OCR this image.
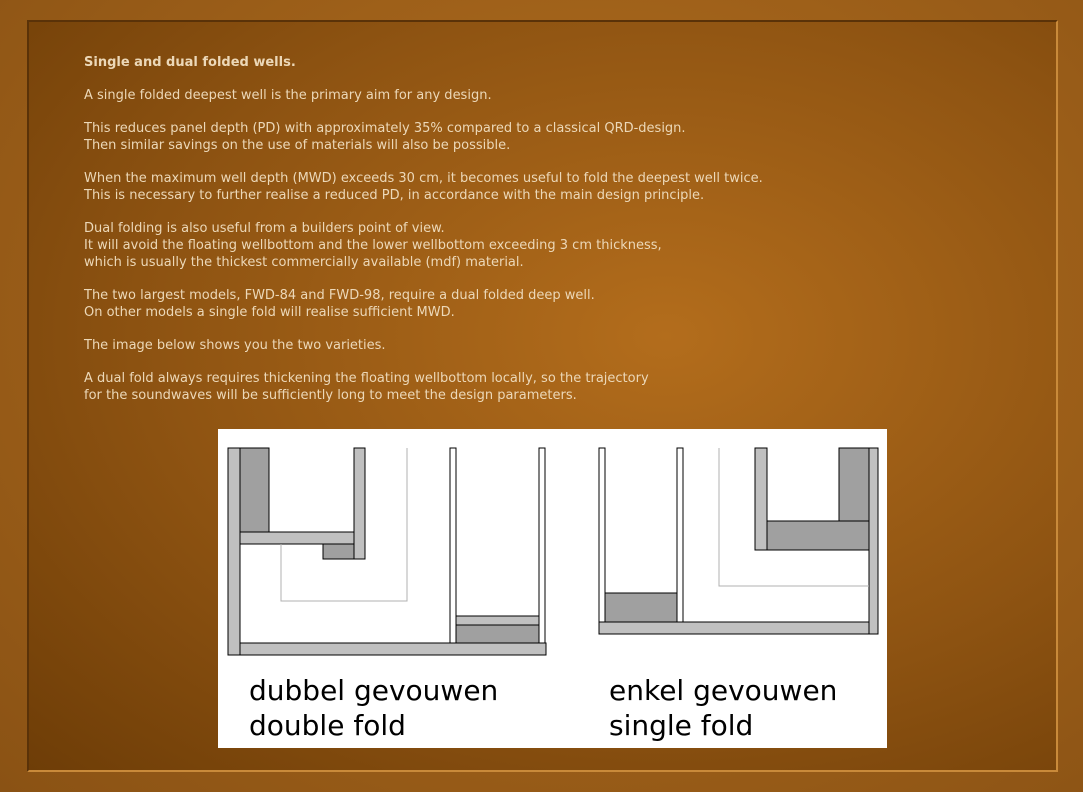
Single and dual folded wells.

A single folded deepest well is the primary aim for any design.

This reduces panel depth (PD) with approximately 35% compared to a classical QRD-design.
Then similar savings on the use of materials will also be possible.

When the maximum well depth (MWD) exceeds 30 cm, it becomes useful to fold the deepest well twice.
This is necessary to further realise a reduced PD, in accordance with the main design principle.

Dual folding is also useful from a builders point of view.
It will avoid the floating wellbottom and the lower wellbottom exceeding 3 cm thickness,
which is usually the thickest commercially available (mdf) material.

The two largest models, FWD-84 and FWD-98, require a dual folded deep well.
On other models a single fold will realise sufficient MWD.

The image below shows you the two varieties.

A dual fold always requires thickening the floating wellbottom locally, so the trajectory
for the soundwaves will be sufficiently long to meet the design parameters.

dubbel gevouwen
double fold
enkel gevouwen
single fold
